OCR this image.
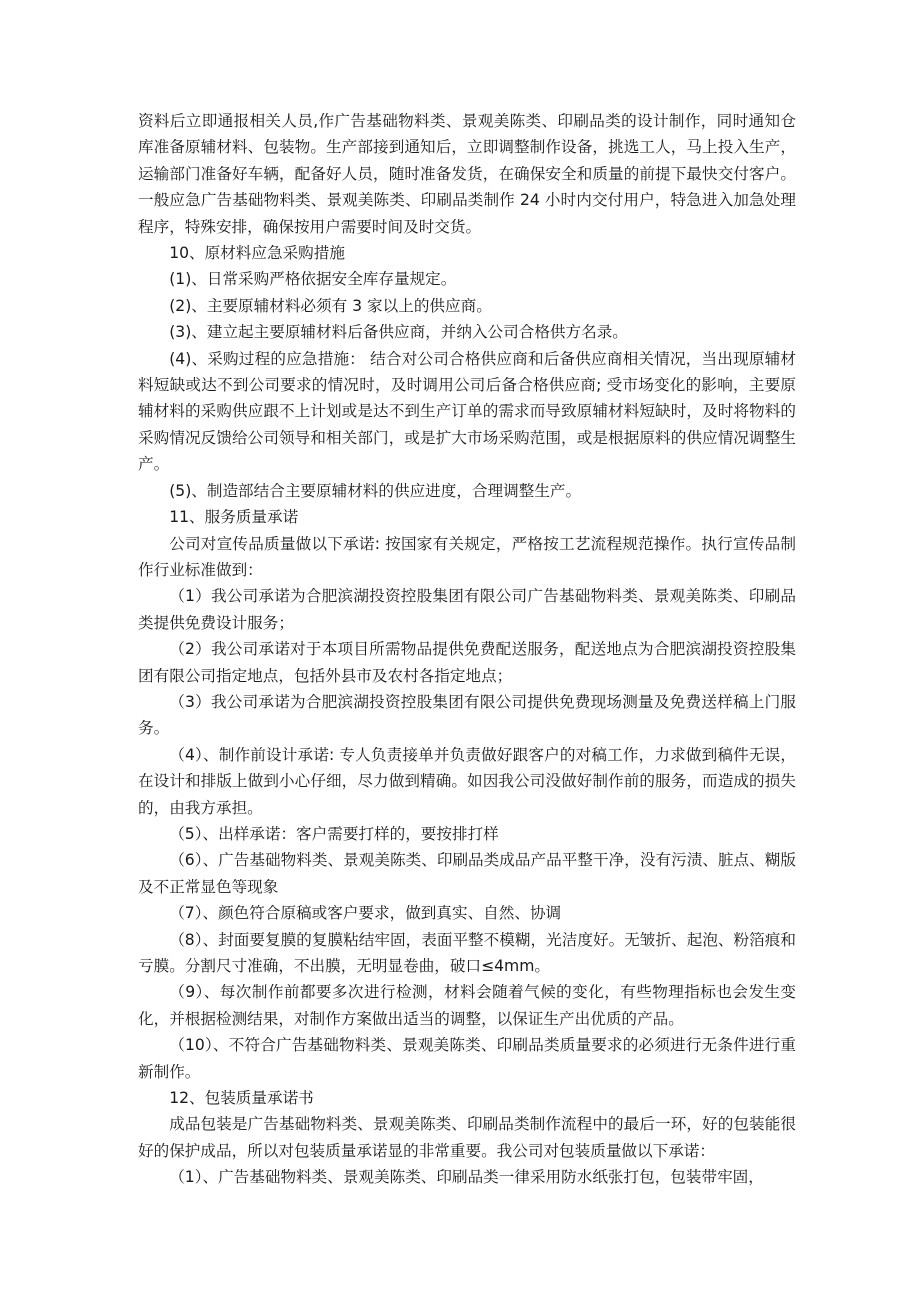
资料后立即通报相关人员,作广告基础物料类、景观美陈类、印刷品类的设计制作，同时通知仓库准备原辅材料、包装物。生产部接到通知后，立即调整制作设备，挑选工人，马上投入生产，运输部门准备好车辆，配备好人员，随时准备发货，在确保安全和质量的前提下最快交付客户。一般应急广告基础物料类、景观美陈类、印刷品类制作 24 小时内交付用户，特急进入加急处理程序，特殊安排，确保按用户需要时间及时交货。

10、原材料应急采购措施

(1)、日常采购严格依据安全库存量规定。

(2)、主要原辅材料必须有 3 家以上的供应商。

(3)、建立起主要原辅材料后备供应商，并纳入公司合格供方名录。

(4)、采购过程的应急措施： 结合对公司合格供应商和后备供应商相关情况，当出现原辅材料短缺或达不到公司要求的情况时，及时调用公司后备合格供应商; 受市场变化的影响，主要原辅材料的采购供应跟不上计划或是达不到生产订单的需求而导致原辅材料短缺时，及时将物料的采购情况反馈给公司领导和相关部门，或是扩大市场采购范围，或是根据原料的供应情况调整生产。

(5)、制造部结合主要原辅材料的供应进度，合理调整生产。

11、服务质量承诺

公司对宣传品质量做以下承诺: 按国家有关规定，严格按工艺流程规范操作。执行宣传品制作行业标准做到：

（1）我公司承诺为合肥滨湖投资控股集团有限公司广告基础物料类、景观美陈类、印刷品类提供免费设计服务；

（2）我公司承诺对于本项目所需物品提供免费配送服务，配送地点为合肥滨湖投资控股集团有限公司指定地点，包括外县市及农村各指定地点；

（3）我公司承诺为合肥滨湖投资控股集团有限公司提供免费现场测量及免费送样稿上门服务。

（4）、制作前设计承诺: 专人负责接单并负责做好跟客户的对稿工作，力求做到稿件无误，在设计和排版上做到小心仔细，尽力做到精确。如因我公司没做好制作前的服务，而造成的损失的，由我方承担。

（5）、出样承诺：客户需要打样的，要按排打样

（6）、广告基础物料类、景观美陈类、印刷品类成品产品平整干净，没有污渍、脏点、糊版及不正常显色等现象

（7）、颜色符合原稿或客户要求，做到真实、自然、协调

（8）、封面要复膜的复膜粘结牢固，表面平整不模糊，光洁度好。无皱折、起泡、粉箔痕和亏膜。分割尺寸准确，不出膜，无明显卷曲，破口≤4mm。

（9）、每次制作前都要多次进行检测，材料会随着气候的变化，有些物理指标也会发生变化，并根据检测结果，对制作方案做出适当的调整，以保证生产出优质的产品。

（10）、不符合广告基础物料类、景观美陈类、印刷品类质量要求的必须进行无条件进行重新制作。

12、包装质量承诺书

成品包装是广告基础物料类、景观美陈类、印刷品类制作流程中的最后一环，好的包装能很好的保护成品，所以对包装质量承诺显的非常重要。我公司对包装质量做以下承诺：

（1）、广告基础物料类、景观美陈类、印刷品类一律采用防水纸张打包，包装带牢固，
